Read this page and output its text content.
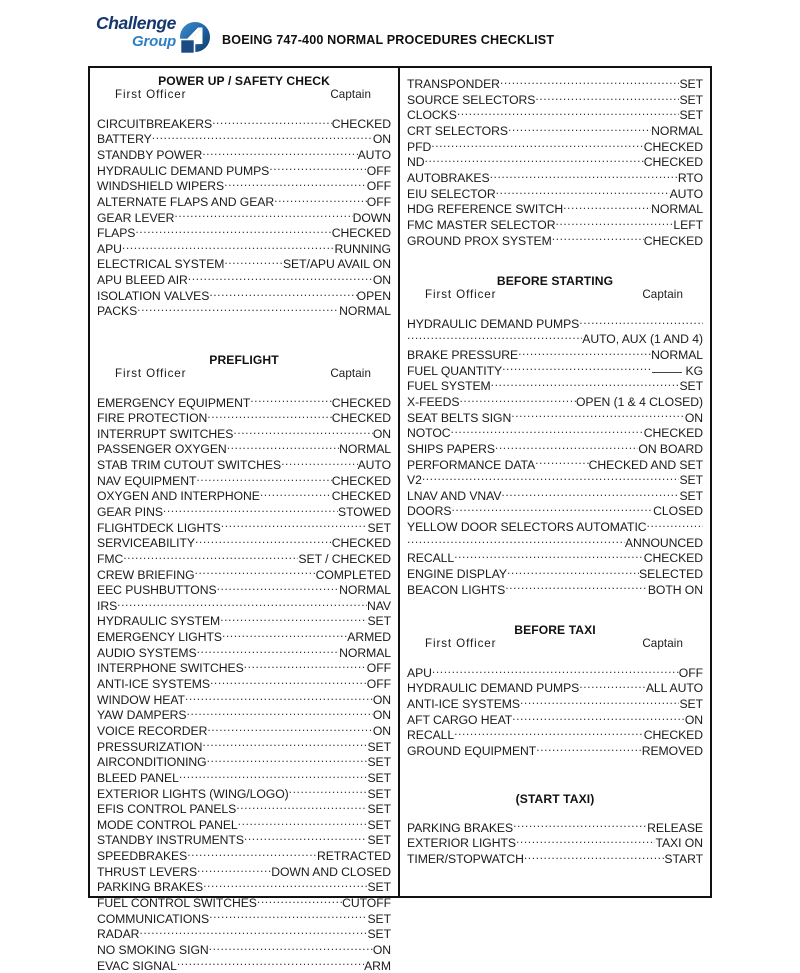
Challenge
Group	BOEING 747-400 NORMAL PROCEDURES CHECKLIST
POWER UP / SAFETY CHECK
First Officer	Captain
CIRCUITBREAKERS .....	CHECKED
BATTERY .....	ON
STANDBY POWER .....	AUTO
HYDRAULIC DEMAND PUMPS .....	OFF
WINDSHIELD WIPERS .....	OFF
ALTERNATE FLAPS AND GEAR .....	OFF
GEAR LEVER .....	DOWN
FLAPS .....	CHECKED
APU .....	RUNNING
ELECTRICAL SYSTEM .....	SET/APU AVAIL ON
APU BLEED AIR .....	ON
ISOLATION VALVES .....	OPEN
PACKS .....	NORMAL
PREFLIGHT
First Officer	Captain
EMERGENCY EQUIPMENT .....	CHECKED
FIRE PROTECTION .....	CHECKED
INTERRUPT SWITCHES .....	ON
PASSENGER OXYGEN .....	NORMAL
STAB TRIM CUTOUT SWITCHES .....	AUTO
NAV EQUIPMENT .....	CHECKED
OXYGEN AND INTERPHONE .....	CHECKED
GEAR PINS .....	STOWED
FLIGHTDECK LIGHTS .....	SET
SERVICEABILITY .....	CHECKED
FMC .....	SET / CHECKED
CREW BRIEFING .....	COMPLETED
EEC PUSHBUTTONS .....	NORMAL
IRS .....	NAV
HYDRAULIC SYSTEM .....	SET
EMERGENCY LIGHTS .....	ARMED
AUDIO SYSTEMS .....	NORMAL
INTERPHONE SWITCHES .....	OFF
ANTI-ICE SYSTEMS .....	OFF
WINDOW HEAT .....	ON
YAW DAMPERS .....	ON
VOICE RECORDER .....	ON
PRESSURIZATION .....	SET
AIRCONDITIONING .....	SET
BLEED PANEL .....	SET
EXTERIOR LIGHTS (WING/LOGO) .....	SET
EFIS CONTROL PANELS .....	SET
MODE CONTROL PANEL .....	SET
STANDBY INSTRUMENTS .....	SET
SPEEDBRAKES .....	RETRACTED
THRUST LEVERS .....	DOWN AND CLOSED
PARKING BRAKES .....	SET
FUEL CONTROL SWITCHES .....	CUTOFF
COMMUNICATIONS .....	SET
RADAR .....	SET
NO SMOKING SIGN .....	ON
EVAC SIGNAL .....	ARM
TRANSPONDER .....	SET
SOURCE SELECTORS .....	SET
CLOCKS .....	SET
CRT SELECTORS .....	NORMAL
PFD .....	CHECKED
ND .....	CHECKED
AUTOBRAKES .....	RTO
EIU SELECTOR .....	AUTO
HDG REFERENCE SWITCH .....	NORMAL
FMC MASTER SELECTOR .....	LEFT
GROUND PROX SYSTEM .....	CHECKED
BEFORE STARTING
First Officer	Captain
HYDRAULIC DEMAND PUMPS
.....
.....
AUTO, AUX (1 AND 4)
BRAKE PRESSURE .....	NORMAL
FUEL QUANTITY .....	KG
FUEL SYSTEM .....	SET
X-FEEDS .....	OPEN (1 & 4 CLOSED)
SEAT BELTS SIGN .....	ON
NOTOC .....	CHECKED
SHIPS PAPERS .....	ON BOARD
PERFORMANCE DATA .....	CHECKED AND SET
V2 .....	SET
LNAV AND VNAV .....	SET
DOORS .....	CLOSED
YELLOW DOOR SELECTORS AUTOMATIC
.....
.....
ANNOUNCED
RECALL .....	CHECKED
ENGINE DISPLAY .....	SELECTED
BEACON LIGHTS .....	BOTH ON
BEFORE TAXI
First Officer	Captain
APU .....	OFF
HYDRAULIC DEMAND PUMPS .....	ALL AUTO
ANTI-ICE SYSTEMS .....	SET
AFT CARGO HEAT .....	ON
RECALL .....	CHECKED
GROUND EQUIPMENT .....	REMOVED
(START TAXI)
PARKING BRAKES .....	RELEASE
EXTERIOR LIGHTS .....	TAXI ON
TIMER/STOPWATCH .....	START
